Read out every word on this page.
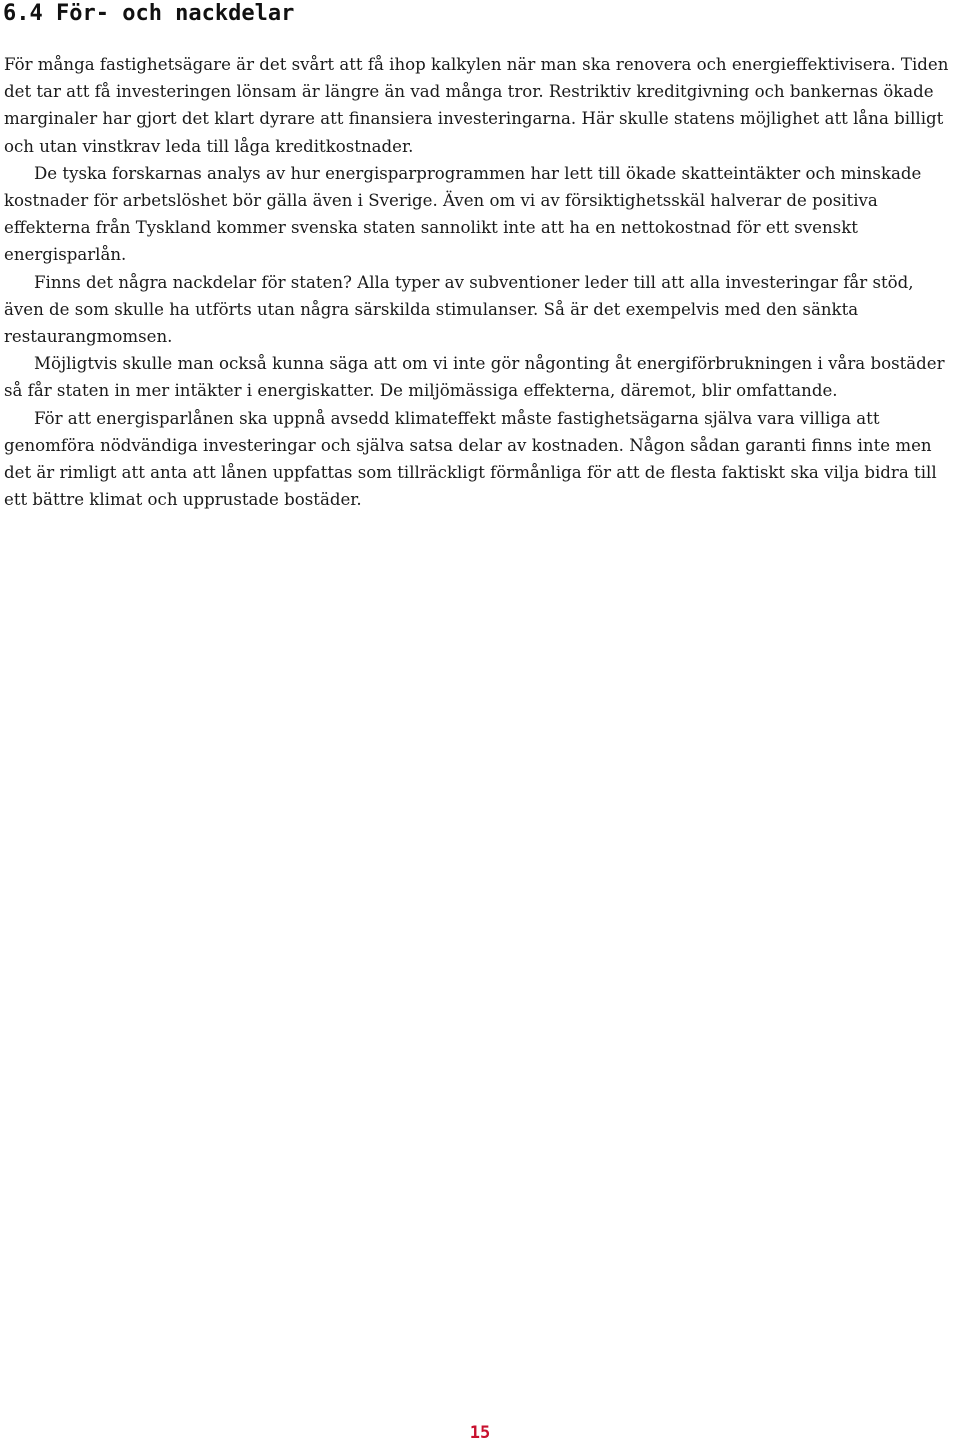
6.4 För- och nackdelar

För många fastighetsägare är det svårt att få ihop kalkylen när man ska renovera och energieffektivisera. Tiden det tar att få investeringen lönsam är längre än vad många tror. Restriktiv kreditgivning och bankernas ökade marginaler har gjort det klart dyrare att finansiera investeringarna. Här skulle statens möjlighet att låna billigt och utan vinstkrav leda till låga kreditkostnader.

De tyska forskarnas analys av hur energisparprogrammen har lett till ökade skatteintäkter och minskade kostnader för arbetslöshet bör gälla även i Sverige. Även om vi av försiktighetsskäl halverar de positiva effekterna från Tyskland kommer svenska staten sannolikt inte att ha en nettokostnad för ett svenskt energisparlån.

Finns det några nackdelar för staten? Alla typer av subventioner leder till att alla investeringar får stöd, även de som skulle ha utförts utan några särskilda stimulanser. Så är det exempelvis med den sänkta restaurangmomsen.

Möjligtvis skulle man också kunna säga att om vi inte gör någonting åt energiförbrukningen i våra bostäder så får staten in mer intäkter i energiskatter. De miljömässiga effekterna, däremot, blir omfattande.

För att energisparlånen ska uppnå avsedd klimateffekt måste fastighetsägarna själva vara villiga att genomföra nödvändiga investeringar och själva satsa delar av kostnaden. Någon sådan garanti finns inte men det är rimligt att anta att lånen uppfattas som tillräckligt förmånliga för att de flesta faktiskt ska vilja bidra till ett bättre klimat och upprustade bostäder.

15
